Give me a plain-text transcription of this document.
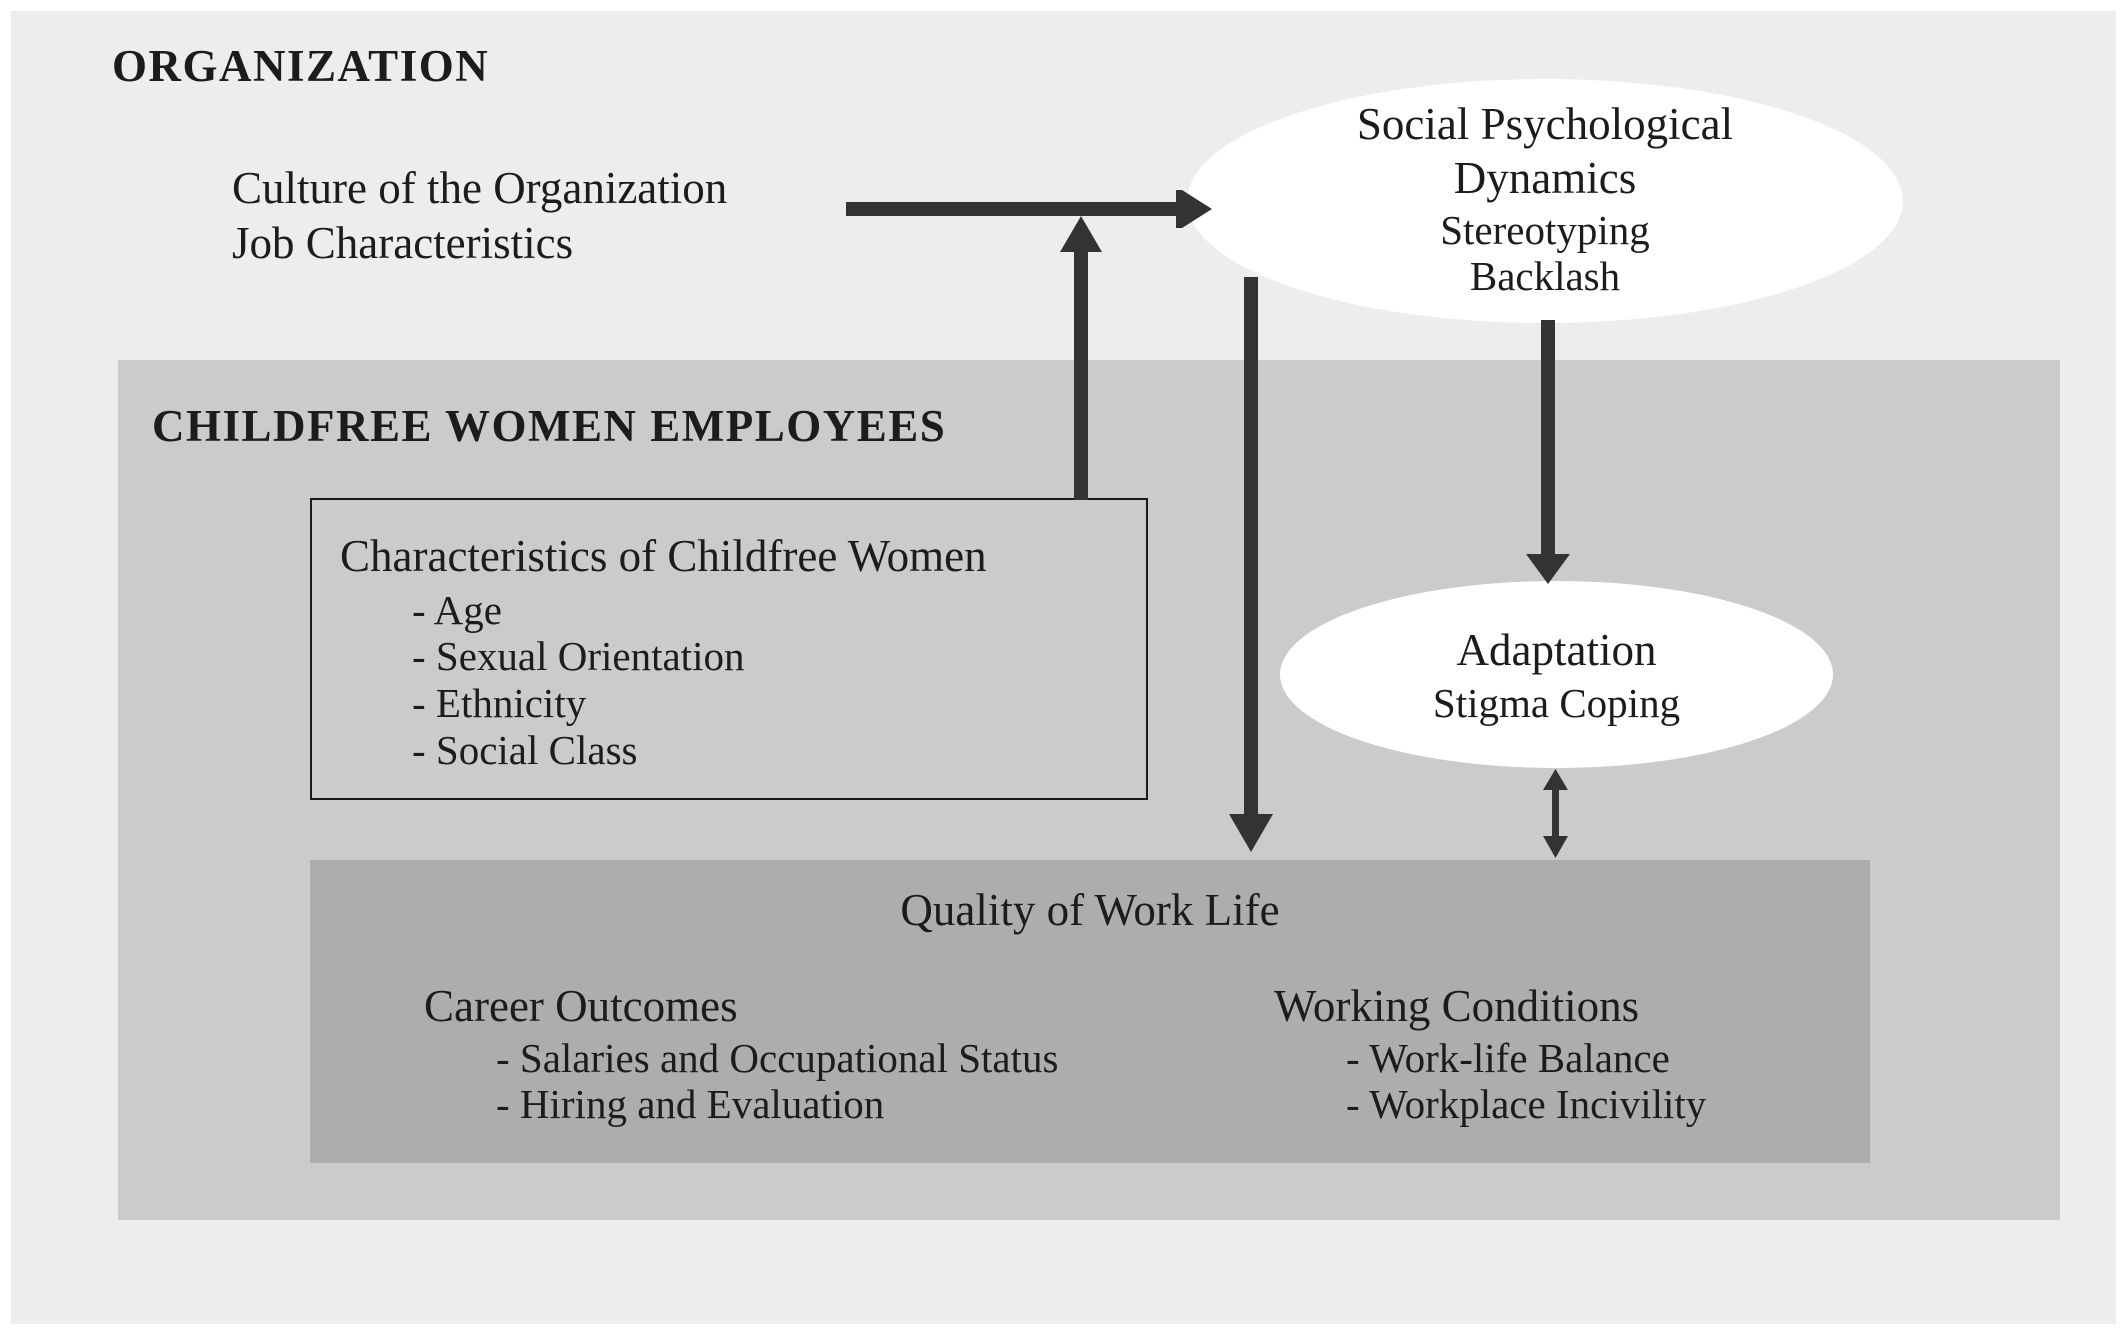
ORGANIZATION
Culture of the Organization
Job Characteristics
Social Psychological
Dynamics
Stereotyping
Backlash
CHILDFREE WOMEN EMPLOYEES
Characteristics of Childfree Women
- Age
- Sexual Orientation
- Ethnicity
- Social Class
Adaptation
Stigma Coping
Quality of Work Life
Career Outcomes
- Salaries and Occupational Status
- Hiring and Evaluation
Working Conditions
- Work-life Balance
- Workplace Incivility
